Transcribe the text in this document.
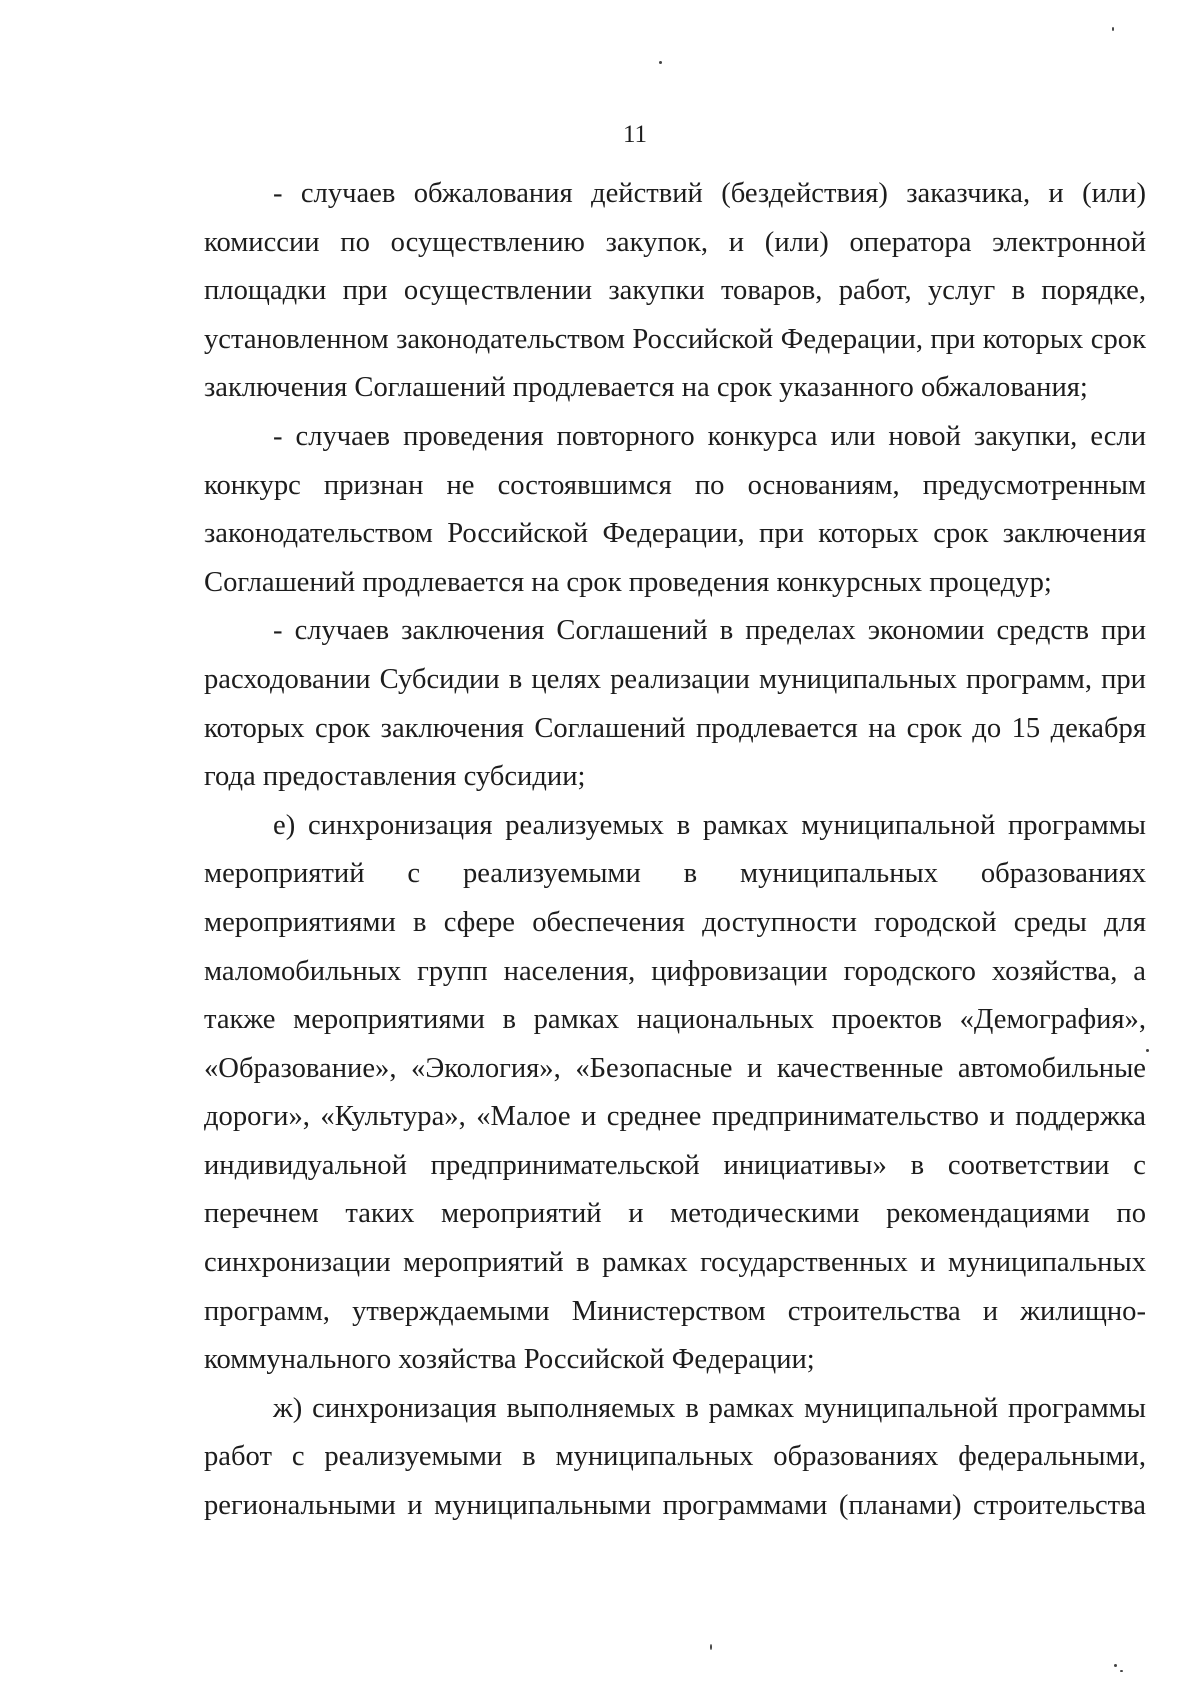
11
- случаев обжалования действий (бездействия) заказчика, и (или)
комиссии по осуществлению закупок, и (или) оператора электронной
площадки при осуществлении закупки товаров, работ, услуг в порядке,
установленном законодательством Российской Федерации, при которых срок
заключения Соглашений продлевается на срок указанного обжалования;
- случаев проведения повторного конкурса или новой закупки, если
конкурс признан не состоявшимся по основаниям, предусмотренным
законодательством Российской Федерации, при которых срок заключения
Соглашений продлевается на срок проведения конкурсных процедур;
- случаев заключения Соглашений в пределах экономии средств при
расходовании Субсидии в целях реализации муниципальных программ, при
которых срок заключения Соглашений продлевается на срок до 15 декабря
года предоставления субсидии;
е) синхронизация реализуемых в рамках муниципальной программы
мероприятий с реализуемыми в муниципальных образованиях
мероприятиями в сфере обеспечения доступности городской среды для
маломобильных групп населения, цифровизации городского хозяйства, а
также мероприятиями в рамках национальных проектов «Демография»,
«Образование», «Экология», «Безопасные и качественные автомобильные
дороги», «Культура», «Малое и среднее предпринимательство и поддержка
индивидуальной предпринимательской инициативы» в соответствии с
перечнем таких мероприятий и методическими рекомендациями по
синхронизации мероприятий в рамках государственных и муниципальных
программ, утверждаемыми Министерством строительства и жилищно-
коммунального хозяйства Российской Федерации;
ж) синхронизация выполняемых в рамках муниципальной программы
работ с реализуемыми в муниципальных образованиях федеральными,
региональными и муниципальными программами (планами) строительства
